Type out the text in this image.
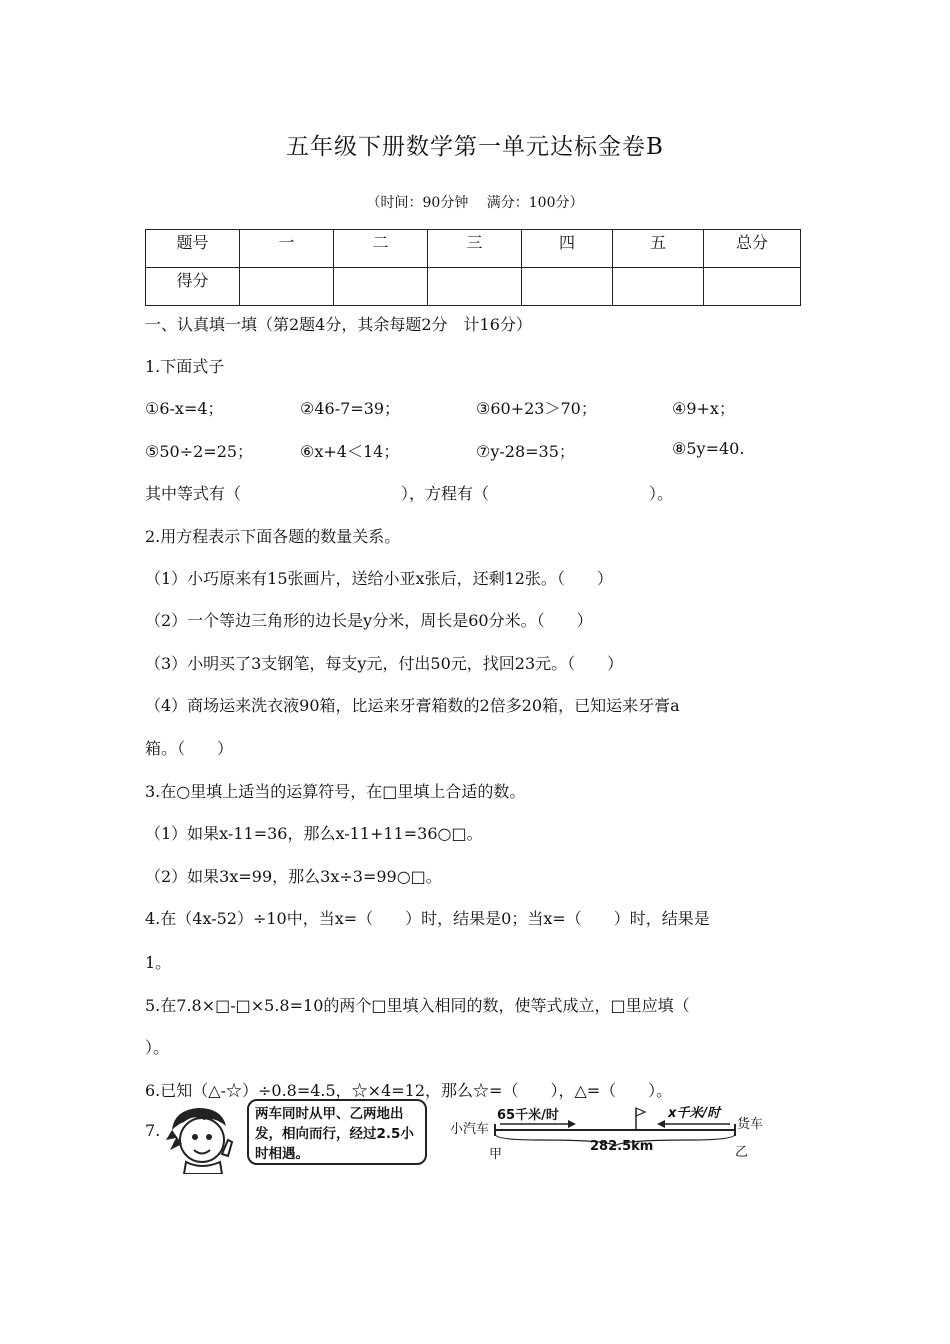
五年级下册数学第一单元达标金卷B
（时间：90分钟　 满分：100分）
题号	一	二	三	四	五	总分
得分						
一、认真填一填（第2题4分，其余每题2分　计16分）
1.下面式子
①6-x=4；	②46-7=39；	③60+23＞70；	④9+x；
⑤50÷2=25；	⑥x+4＜14；	⑦y-28=35；	⑧5y=40.
其中等式有（　　　　　　　　　　），方程有（　　　　　　　　　　）。
2.用方程表示下面各题的数量关系。
（1）小巧原来有15张画片，送给小亚x张后，还剩12张。（　　）
（2）一个等边三角形的边长是y分米，周长是60分米。（　　）
（3）小明买了3支钢笔，每支y元，付出50元，找回23元。（　　）
（4）商场运来洗衣液90箱，比运来牙膏箱数的2倍多20箱，已知运来牙膏a
箱。（　　）
3.在○里填上适当的运算符号，在□里填上合适的数。
（1）如果x-11=36，那么x-11+11=36○□。
（2）如果3x=99，那么3x÷3=99○□。
4.在（4x-52）÷10中，当x=（　　）时，结果是0；当x=（　　）时，结果是
1。
5.在7.8×□-□×5.8=10的两个□里填入相同的数，使等式成立，□里应填（
）。
6.已知（△-☆）÷0.8=4.5，☆×4=12，那么☆=（　　），△=（　　）。
7.
两车同时从甲、乙两地出发，相向而行，经过2.5小时相遇。
小汽车	货车
65千米/时	x千米/时
282.5km
甲	乙
